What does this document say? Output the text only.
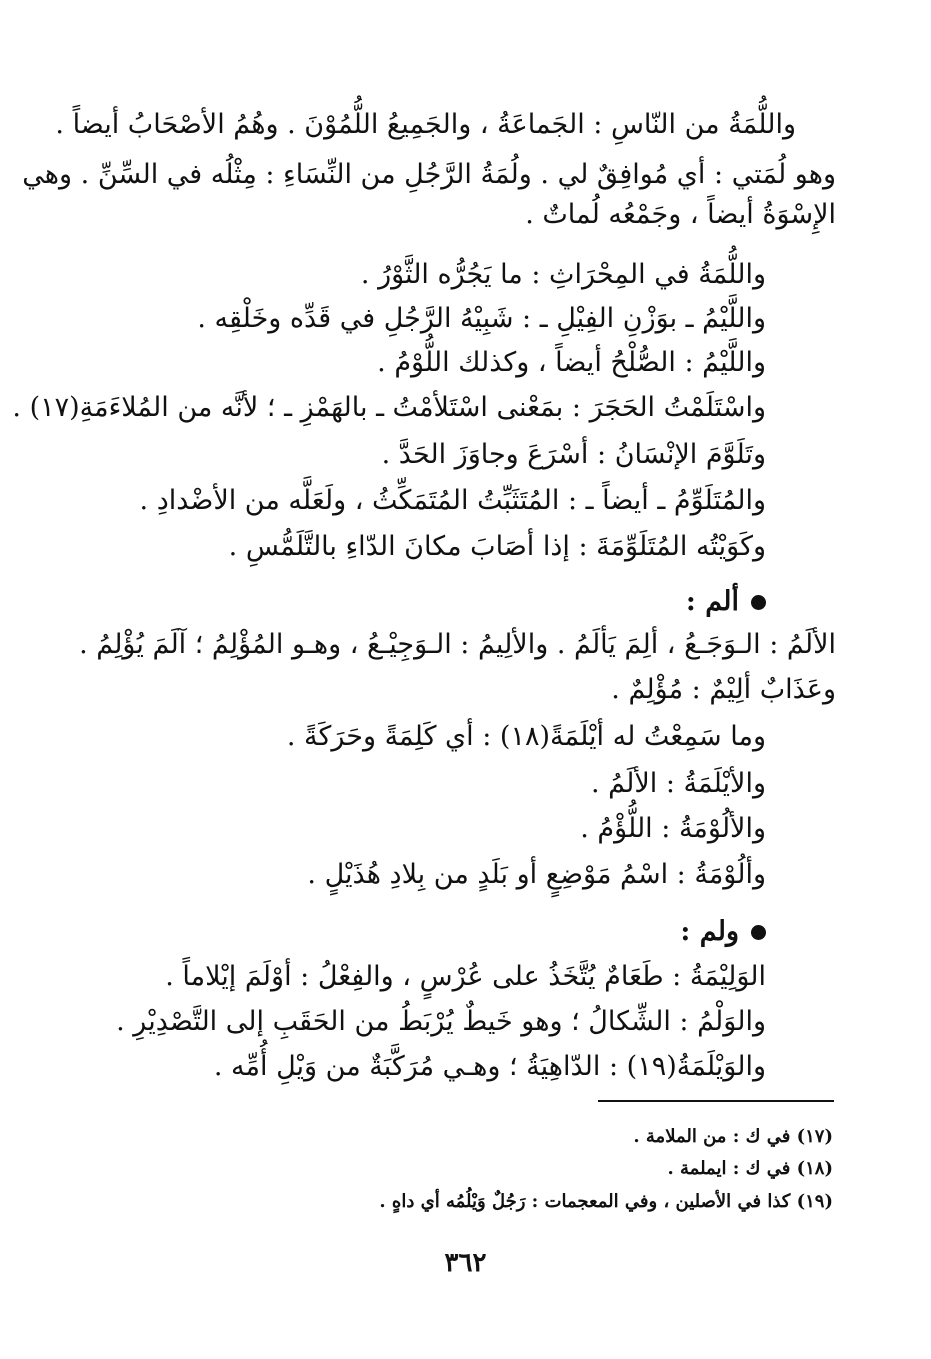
واللُّمَةُ من النّاسِ : الجَماعَةُ ، والجَمِيعُ اللُّمُوْنَ . وهُمُ الأصْحَابُ أيضاً .
وهو لُمَتي : أي مُوافِقٌ لي . ولُمَةُ الرَّجُلِ من النِّسَاءِ : مِثْلُه في السِّنِّ . وهي
الإِسْوَةُ أيضاً ، وجَمْعُه لُماتٌ .
واللُّمَةُ في المِحْرَاثِ : ما يَجُرُّه الثَّوْرُ .
واللَّيْمُ ـ بوَزْنِ الفِيْلِ ـ : شَبِيْهُ الرَّجُلِ في قَدِّه وخَلْقِه .
واللَّيْمُ : الصُّلْحُ أيضاً ، وكذلك اللُّوْمُ .
واسْتَلَمْتُ الحَجَرَ : بمَعْنى اسْتَلأمْتُ ـ بالهَمْزِ ـ ؛ لأنَّه من المُلاءَمَةِ(١٧) .
وتَلَوَّمَ الإنْسَانُ : أسْرَعَ وجاوَزَ الحَدَّ .
والمُتَلَوِّمُ ـ أيضاً ـ : المُتَثَبِّتُ المُتَمَكِّثُ ، ولَعَلَّه من الأضْدادِ .
وكَوَيْتُه المُتَلَوِّمَةَ : إذا أصَابَ مكانَ الدّاءِ بالتَّلَمُّسِ .
ألم :
الألَمُ : الـوَجَـعُ ، ألِمَ يَألَمُ . والألِيمُ : الـوَجِيْـعُ ، وهـو المُؤْلِمُ ؛ آلَمَ يُؤْلِمُ .
وعَذَابٌ ألِيْمٌ : مُؤْلِمٌ .
وما سَمِعْتُ له أيْلَمَةً(١٨) : أي كَلِمَةً وحَرَكَةً .
والأيْلَمَةُ : الألَمُ .
والألُوْمَةُ : اللُّؤْمُ .
وألُوْمَةُ : اسْمُ مَوْضِعٍ أو بَلَدٍ من بِلادِ هُذَيْلٍ .
ولم :
الوَلِيْمَةُ : طَعَامٌ يُتَّخَذُ على عُرْسٍ ، والفِعْلُ : أوْلَمَ إيْلاماً .
والوَلْمُ : الشِّكالُ ؛ وهو خَيطٌ يُرْبَطُ من الحَقَبِ إلى التَّصْدِيْرِ .
والوَيْلَمَةُ(١٩) : الدّاهِيَةُ ؛ وهـي مُرَكَّبَةٌ من وَيْلِ أُمِّه .
(١٧) في ك : من الملامة .
(١٨) في ك : ايملمة .
(١٩) كذا في الأصلين ، وفي المعجمات : رَجُلٌ وَيْلُمُه أي داهٍ .
٣٦٢
